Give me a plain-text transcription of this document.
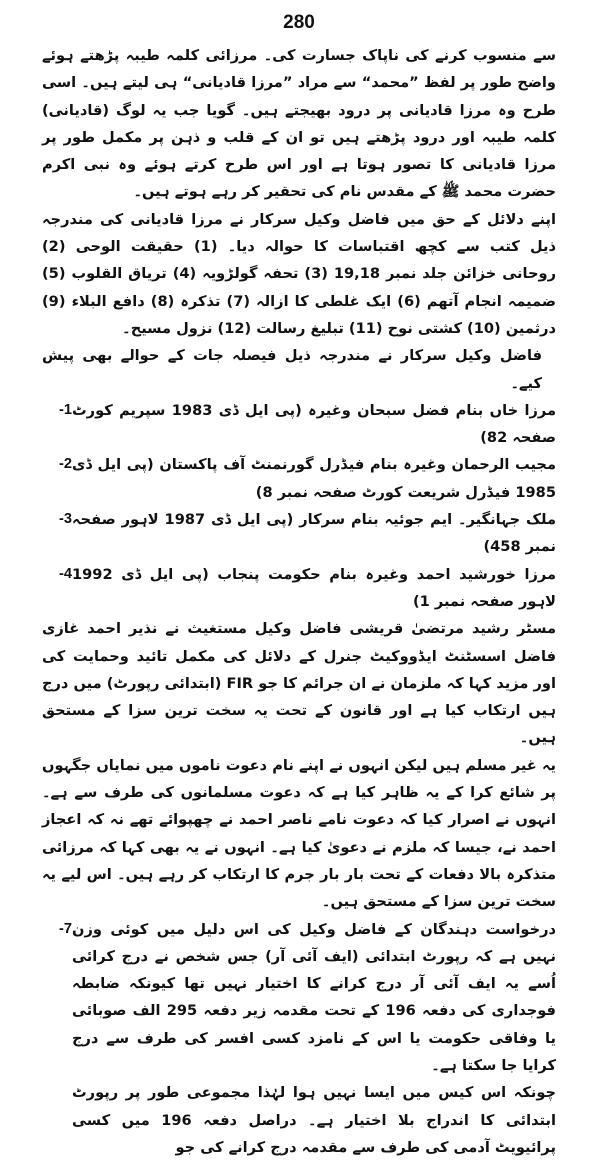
280

سے منسوب کرنے کی ناپاک جسارت کی۔ مرزائی کلمہ طیبہ پڑھتے ہوئے واضح طور پر لفظ ”محمد“ سے مراد ”مرزا قادیانی“ ہی لیتے ہیں۔ اسی طرح وہ مرزا قادیانی پر درود بھیجتے ہیں۔ گویا جب یہ لوگ (قادیانی) کلمہ طیبہ اور درود پڑھتے ہیں تو ان کے قلب و ذہن پر مکمل طور پر مرزا قادیانی کا تصور ہوتا ہے اور اس طرح کرتے ہوئے وہ نبی اکرم حضرت محمد ﷺ کے مقدس نام کی تحقیر کر رہے ہوتے ہیں۔

اپنے دلائل کے حق میں فاضل وکیل سرکار نے مرزا قادیانی کی مندرجہ ذیل کتب سے کچھ اقتباسات کا حوالہ دیا۔ (1) حقیقت الوحی (2) روحانی خزائن جلد نمبر 19,18 (3) تحفہ گولڑویہ (4) تریاق القلوب (5) ضمیمہ انجام آتھم (6) ایک غلطی کا ازالہ (7) تذکرہ (8) دافع البلاء (9) درثمین (10) کشتی نوح (11) تبلیغ رسالت (12) نزول مسیح۔

فاضل وکیل سرکار نے مندرجہ ذیل فیصلہ جات کے حوالے بھی پیش کیے۔

مرزا خاں بنام فضل سبحان وغیرہ (پی ایل ڈی 1983 سپریم کورٹ صفحہ 82)
-1
مجیب الرحمان وغیرہ بنام فیڈرل گورنمنٹ آف پاکستان (پی ایل ڈی 1985 فیڈرل شریعت کورٹ صفحہ نمبر 8)
-2
ملک جہانگیر۔ ایم جوئیہ بنام سرکار (پی ایل ڈی 1987 لاہور صفحہ نمبر 458)
-3
مرزا خورشید احمد وغیرہ بنام حکومت پنجاب (پی ایل ڈی 1992 لاہور صفحہ نمبر 1)
-4

مسٹر رشید مرتضیٰ قریشی فاضل وکیل مستغیث نے نذیر احمد غازی فاضل اسسٹنٹ ایڈووکیٹ جنرل کے دلائل کی مکمل تائید وحمایت کی اور مزید کہا کہ ملزمان نے ان جرائم کا جو FIR (ابتدائی رپورٹ) میں درج ہیں ارتکاب کیا ہے اور قانون کے تحت یہ سخت ترین سزا کے مستحق ہیں۔

یہ غیر مسلم ہیں لیکن انہوں نے اپنے نام دعوت ناموں میں نمایاں جگہوں پر شائع کرا کے یہ ظاہر کیا ہے کہ دعوت مسلمانوں کی طرف سے ہے۔ انہوں نے اصرار کیا کہ دعوت نامے ناصر احمد نے چھپوائے تھے نہ کہ اعجاز احمد نے، جیسا کہ ملزم نے دعویٰ کیا ہے۔ انہوں نے یہ بھی کہا کہ مرزائی متذکرہ بالا دفعات کے تحت بار بار جرم کا ارتکاب کر رہے ہیں۔ اس لیے یہ سخت ترین سزا کے مستحق ہیں۔

درخواست دہندگان کے فاضل وکیل کی اس دلیل میں کوئی وزن نہیں ہے کہ رپورٹ ابتدائی (ایف آئی آر) جس شخص نے درج کرائی اُسے یہ ایف آئی آر درج کرانے کا اختیار نہیں تھا کیونکہ ضابطہ فوجداری کی دفعہ 196 کے تحت مقدمہ زیر دفعہ 295 الف صوبائی یا وفاقی حکومت یا اس کے نامزد کسی افسر کی طرف سے درج کرایا جا سکتا ہے۔
-7
چونکہ اس کیس میں ایسا نہیں ہوا لہٰذا مجموعی طور پر رپورٹ ابتدائی کا اندراج بلا اختیار ہے۔ دراصل دفعہ 196 میں کسی پرائیویٹ آدمی کی طرف سے مقدمہ درج کرانے کی جو
